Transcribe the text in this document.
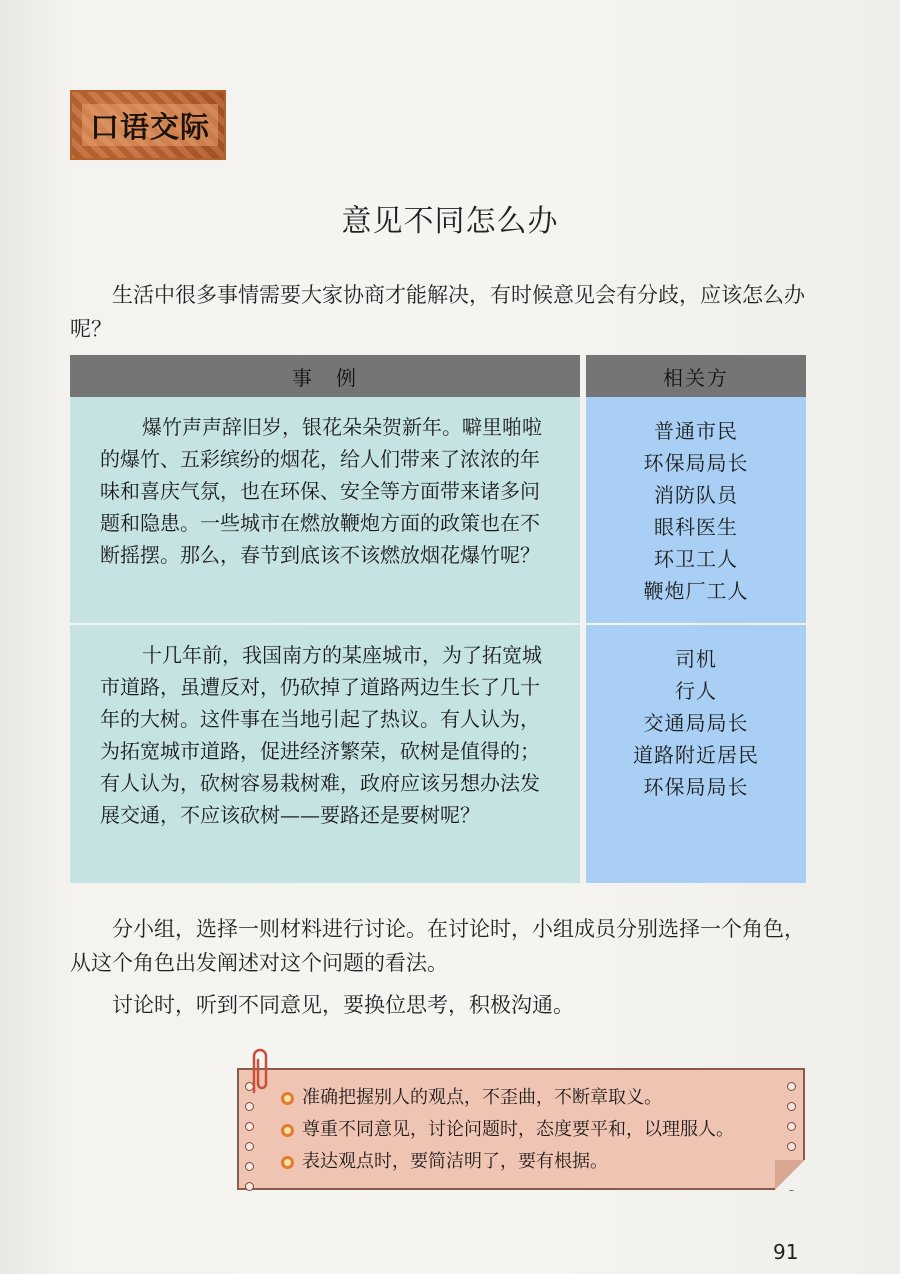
口语交际
意见不同怎么办
生活中很多事情需要大家协商才能解决，有时候意见会有分歧，应该怎么办呢？
事　例	相关方
爆竹声声辞旧岁，银花朵朵贺新年。噼里啪啦的爆竹、五彩缤纷的烟花，给人们带来了浓浓的年味和喜庆气氛，也在环保、安全等方面带来诸多问题和隐患。一些城市在燃放鞭炮方面的政策也在不断摇摆。那么，春节到底该不该燃放烟花爆竹呢？
普通市民
环保局局长
消防队员
眼科医生
环卫工人
鞭炮厂工人
十几年前，我国南方的某座城市，为了拓宽城市道路，虽遭反对，仍砍掉了道路两边生长了几十年的大树。这件事在当地引起了热议。有人认为，为拓宽城市道路，促进经济繁荣，砍树是值得的；有人认为，砍树容易栽树难，政府应该另想办法发展交通，不应该砍树——要路还是要树呢？
司机
行人
交通局局长
道路附近居民
环保局局长
分小组，选择一则材料进行讨论。在讨论时，小组成员分别选择一个角色，从这个角色出发阐述对这个问题的看法。
讨论时，听到不同意见，要换位思考，积极沟通。
准确把握别人的观点，不歪曲，不断章取义。
尊重不同意见，讨论问题时，态度要平和，以理服人。
表达观点时，要简洁明了，要有根据。
91
